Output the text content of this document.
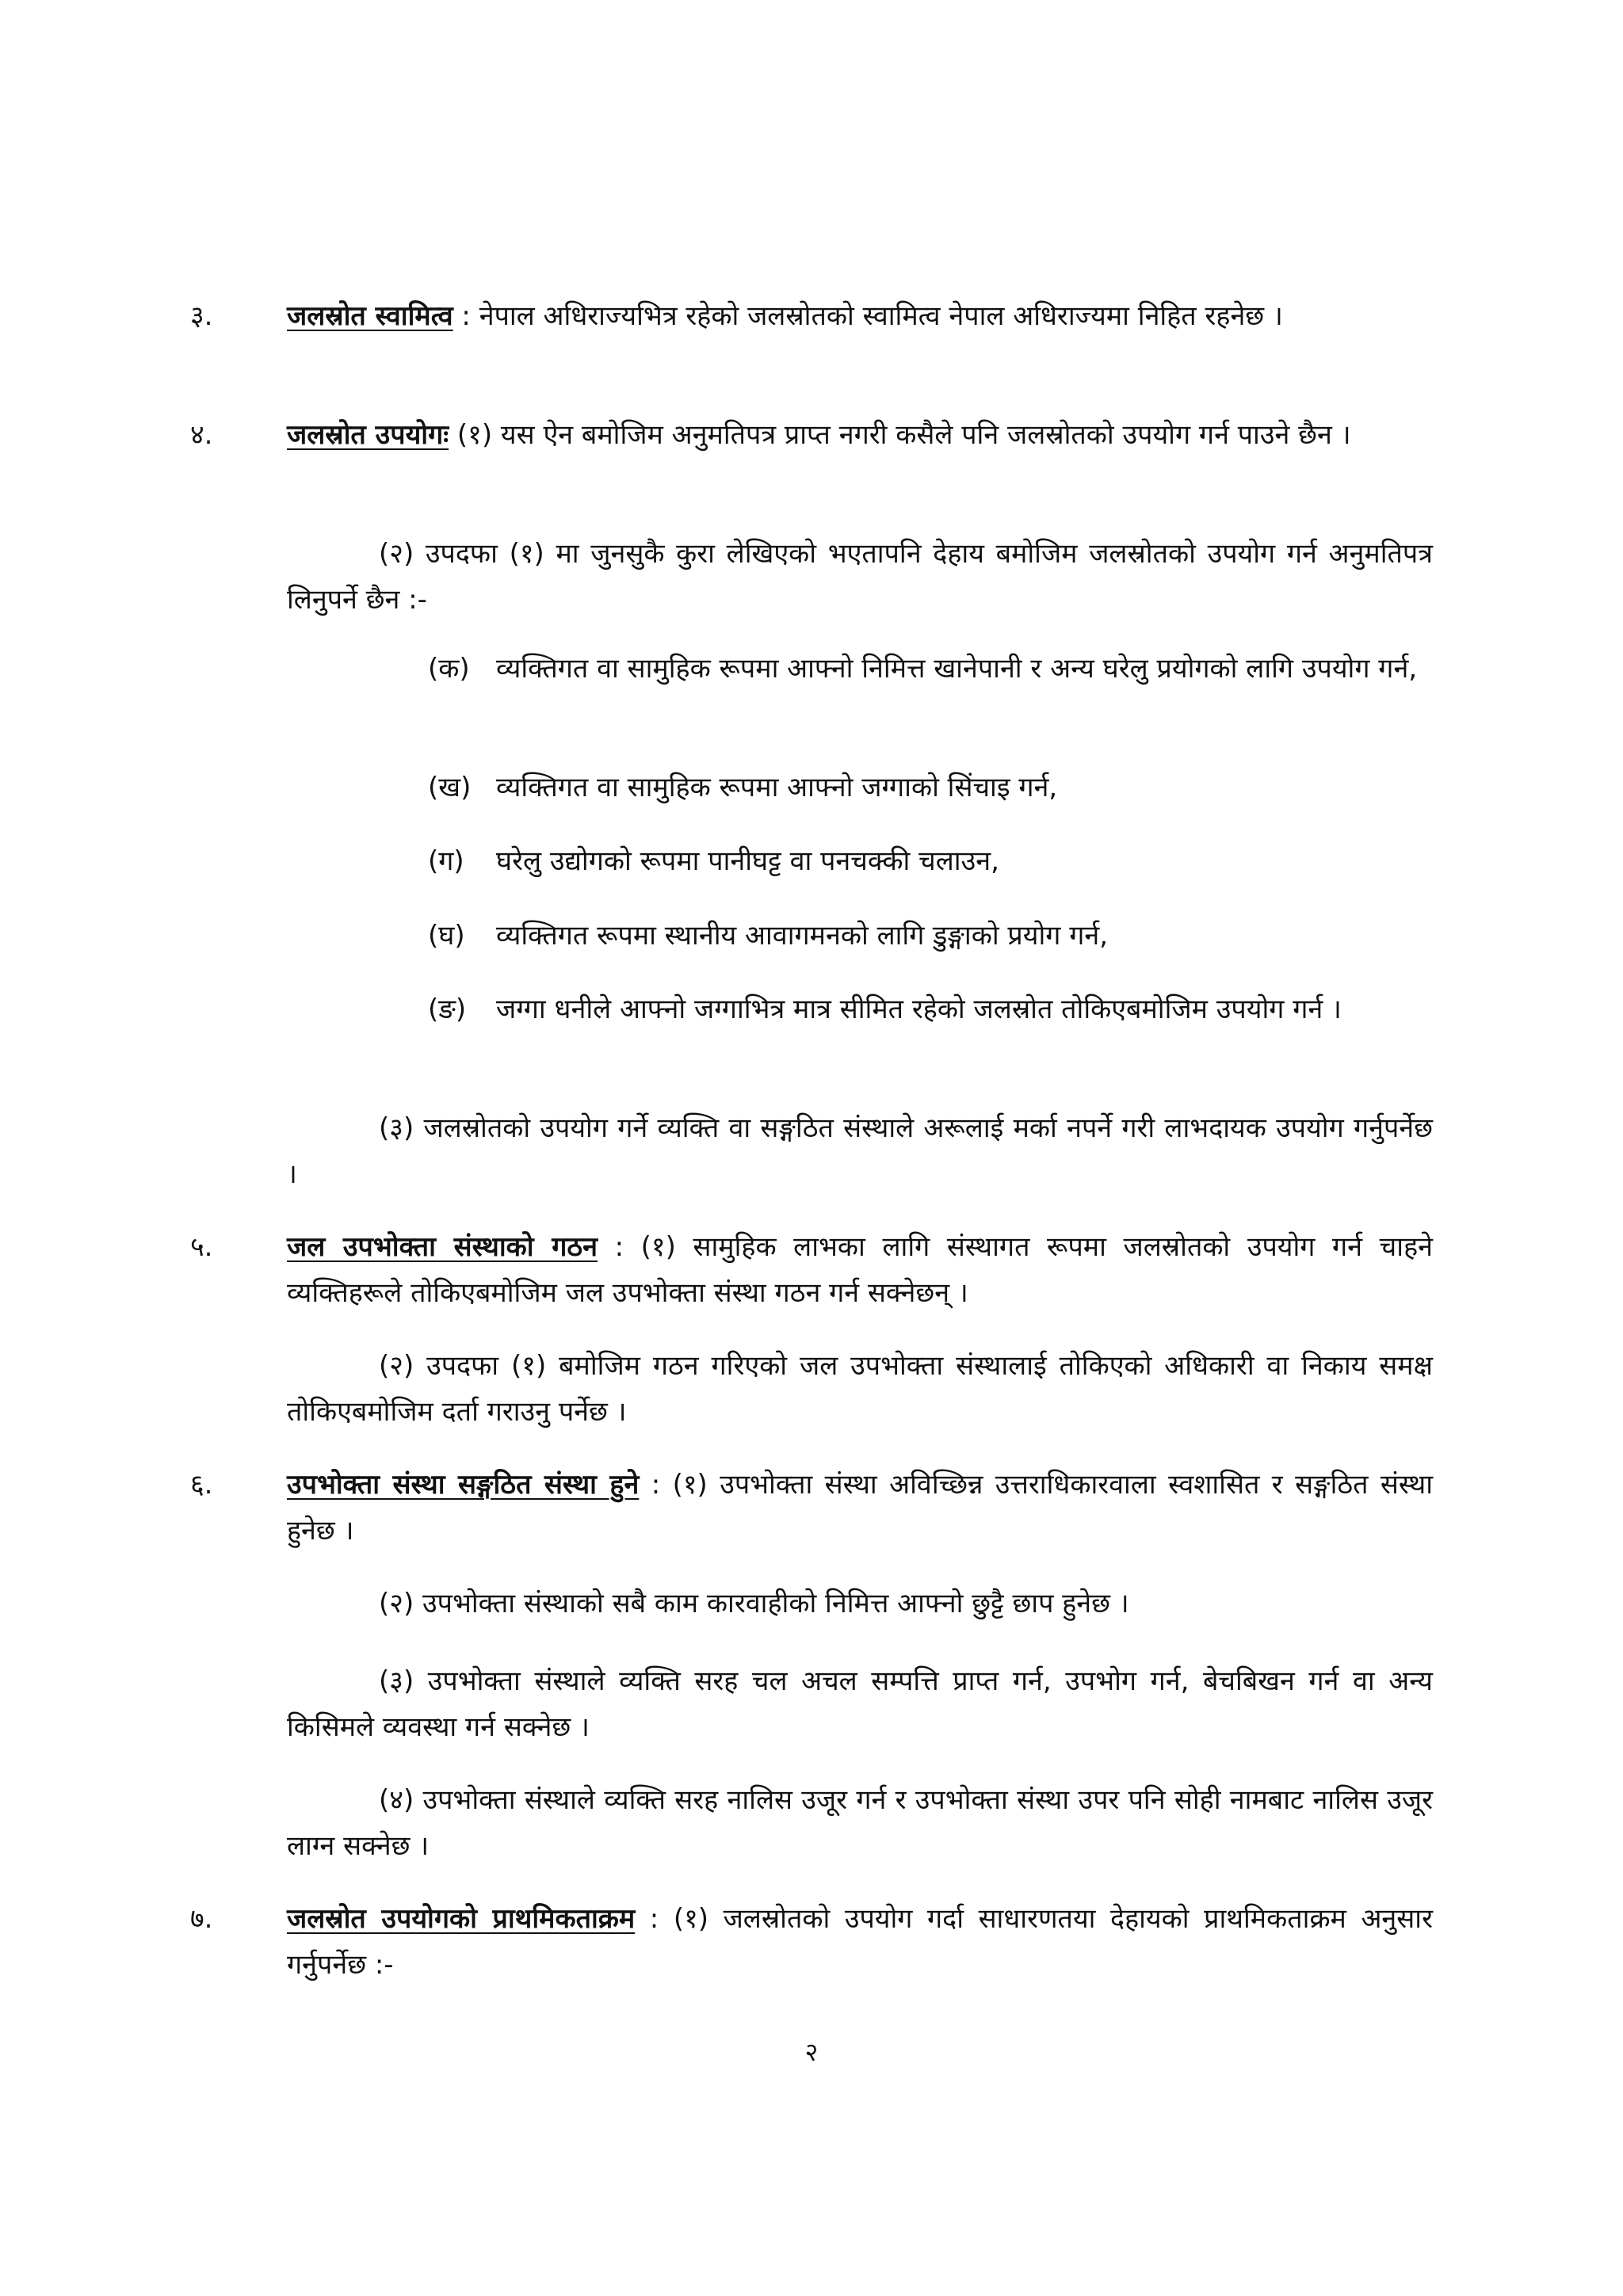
३.	जलस्रोत स्वामित्व : नेपाल अधिराज्यभित्र रहेको जलस्रोतको स्वामित्व नेपाल अधिराज्यमा निहित रहनेछ ।
४.	जलस्रोत उपयोगः (१) यस ऐन बमोजिम अनुमतिपत्र प्राप्त नगरी कसैले पनि जलस्रोतको उपयोग गर्न पाउने छैन ।
(२) उपदफा (१) मा जुनसुकै कुरा लेखिएको भएतापनि देहाय बमोजिम जलस्रोतको उपयोग गर्न अनुमतिपत्र लिनुपर्ने छैन :-
(क) व्यक्तिगत वा सामुहिक रूपमा आफ्नो निमित्त खानेपानी र अन्य घरेलु प्रयोगको लागि उपयोग गर्न,
(ख) व्यक्तिगत वा सामुहिक रूपमा आफ्नो जग्गाको सिंचाइ गर्न,
(ग)	घरेलु उद्योगको रूपमा पानीघट्ट वा पनचक्की चलाउन,
(घ)	व्यक्तिगत रूपमा स्थानीय आवागमनको लागि डुङ्गाको प्रयोग गर्न,
(ङ)	जग्गा धनीले आफ्नो जग्गाभित्र मात्र सीमित रहेको जलस्रोत तोकिएबमोजिम उपयोग गर्न ।
(३) जलस्रोतको उपयोग गर्ने व्यक्ति वा सङ्गठित संस्थाले अरूलाई मर्का नपर्ने गरी लाभदायक उपयोग गर्नुपर्नेछ ।
५.	जल उपभोक्ता संस्थाको गठन : (१) सामुहिक लाभका लागि संस्थागत रूपमा जलस्रोतको उपयोग गर्न चाहने व्यक्तिहरूले तोकिएबमोजिम जल उपभोक्ता संस्था गठन गर्न सक्नेछन् ।
(२) उपदफा (१) बमोजिम गठन गरिएको जल उपभोक्ता संस्थालाई तोकिएको अधिकारी वा निकाय समक्ष तोकिएबमोजिम दर्ता गराउनु पर्नेछ ।
६.	उपभोक्ता संस्था सङ्गठित संस्था हुने : (१) उपभोक्ता संस्था अविच्छिन्न उत्तराधिकारवाला स्वशासित र सङ्गठित संस्था हुनेछ ।
(२) उपभोक्ता संस्थाको सबै काम कारवाहीको निमित्त आफ्नो छुट्टै छाप हुनेछ ।
(३) उपभोक्ता संस्थाले व्यक्ति सरह चल अचल सम्पत्ति प्राप्त गर्न, उपभोग गर्न, बेचबिखन गर्न वा अन्य किसिमले व्यवस्था गर्न सक्नेछ ।
(४) उपभोक्ता संस्थाले व्यक्ति सरह नालिस उजूर गर्न र उपभोक्ता संस्था उपर पनि सोही नामबाट नालिस उजूर लाग्न सक्नेछ ।
७.	जलस्रोत उपयोगको प्राथमिकताक्रम : (१) जलस्रोतको उपयोग गर्दा साधारणतया देहायको प्राथमिकताक्रम अनुसार गर्नुपर्नेछ :-
२
